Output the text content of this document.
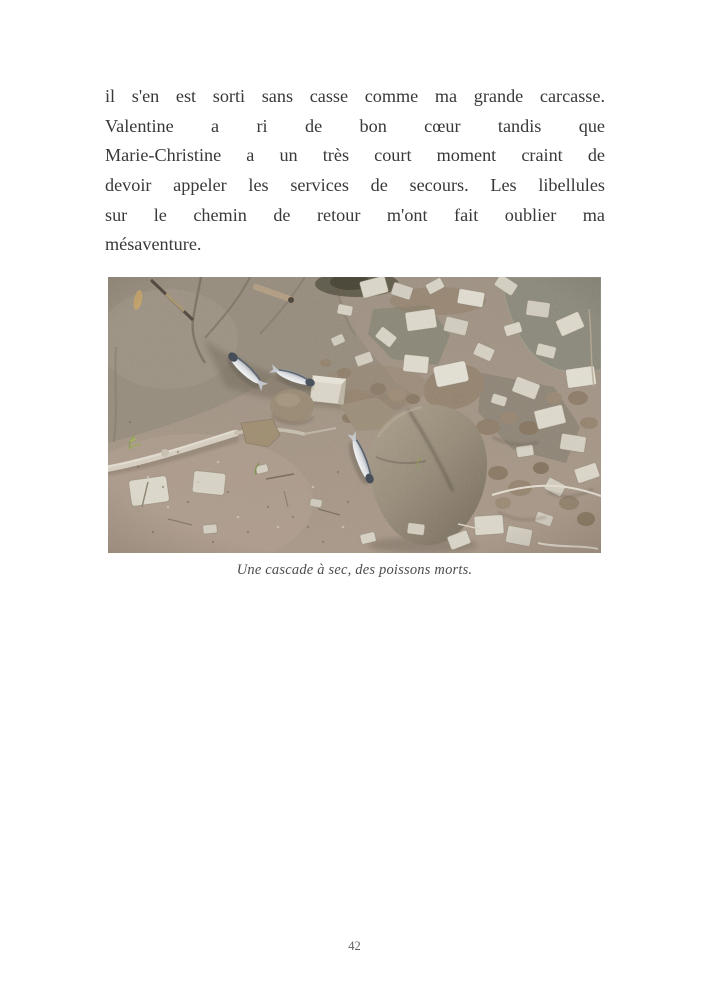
il s'en est sorti sans casse comme ma grande carcasse.
Valentine a ri de bon cœur tandis que
Marie-Christine a un très court moment craint de
devoir appeler les services de secours. Les libellules
sur le chemin de retour m'ont fait oublier ma
mésaventure.
Une cascade à sec, des poissons morts.
42
